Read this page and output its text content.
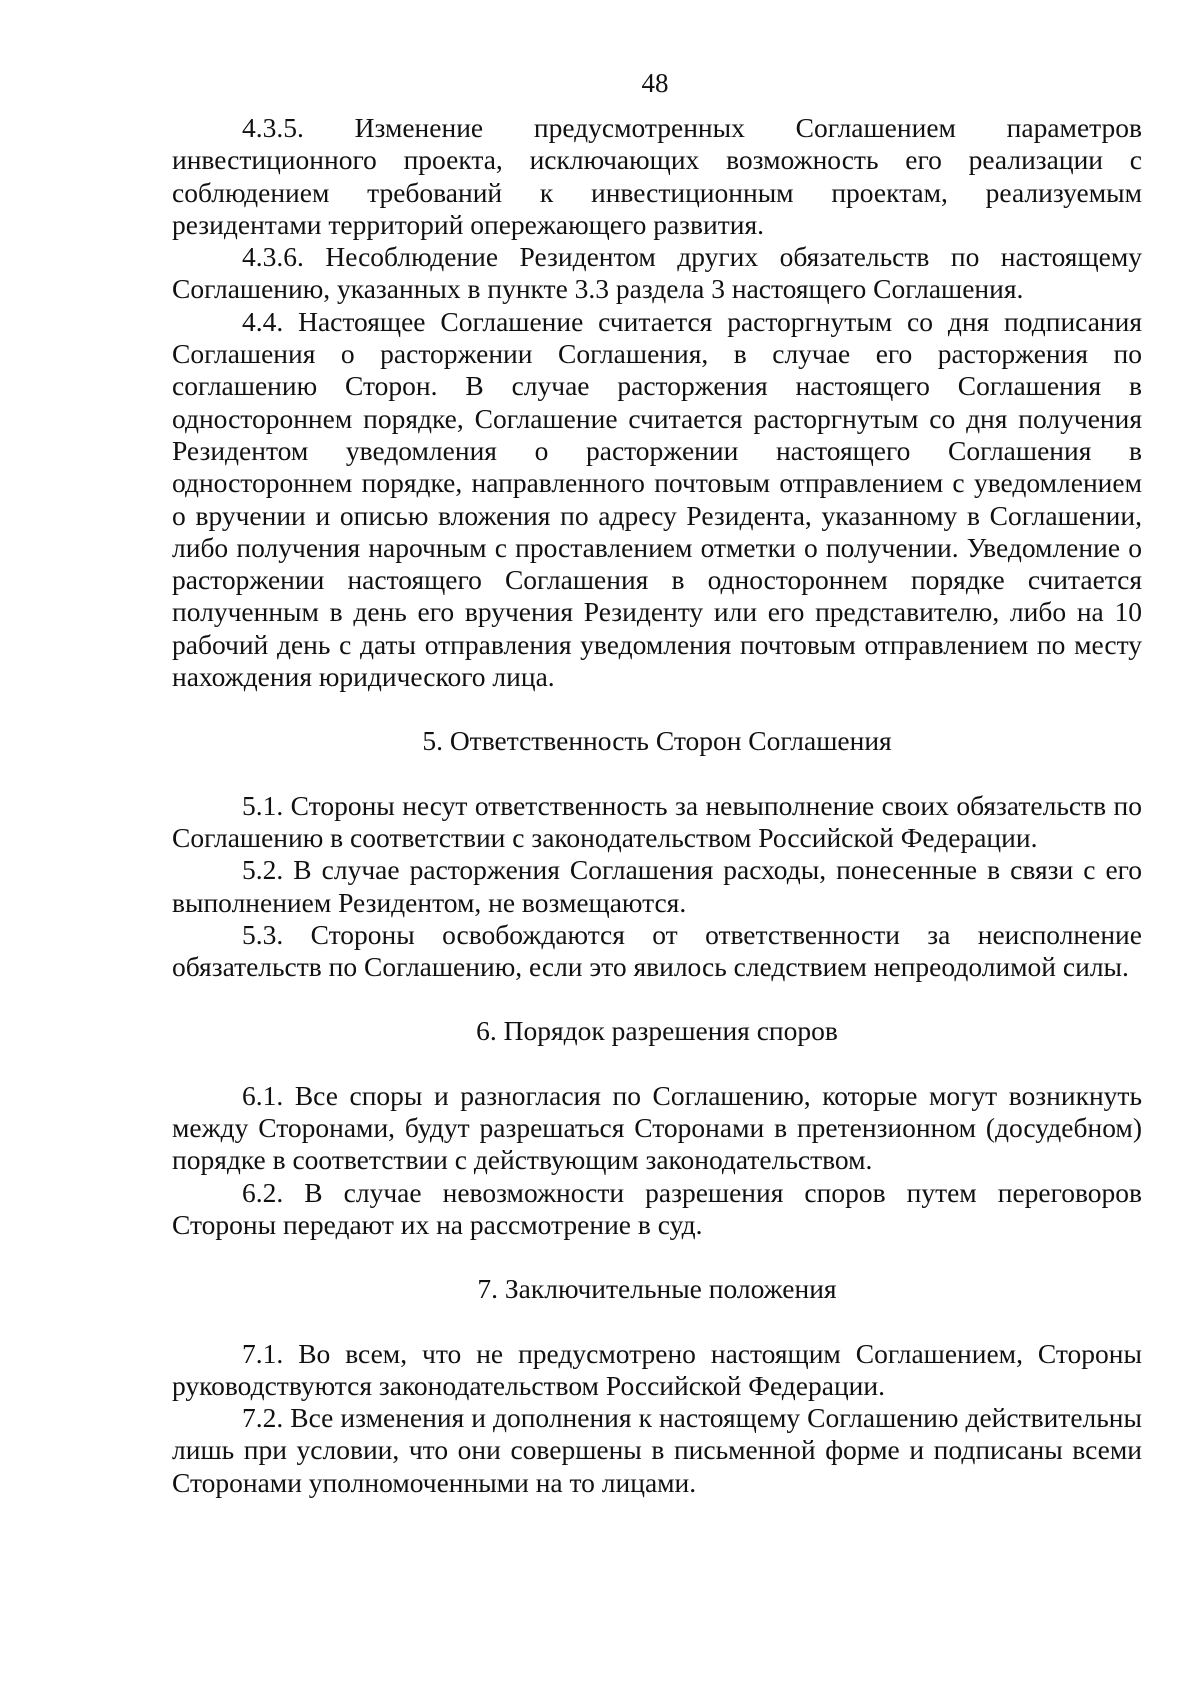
48

4.3.5. Изменение предусмотренных Соглашением параметров инвестиционного проекта, исключающих возможность его реализации с соблюдением требований к инвестиционным проектам, реализуемым резидентами территорий опережающего развития.

4.3.6. Несоблюдение Резидентом других обязательств по настоящему Соглашению, указанных в пункте 3.3 раздела 3 настоящего Соглашения.

4.4. Настоящее Соглашение считается расторгнутым со дня подписания Соглашения о расторжении Соглашения, в случае его расторжения по соглашению Сторон. В случае расторжения настоящего Соглашения в одностороннем порядке, Соглашение считается расторгнутым со дня получения Резидентом уведомления о расторжении настоящего Соглашения в одностороннем порядке, направленного почтовым отправлением с уведомлением о вручении и описью вложения по адресу Резидента, указанному в Соглашении, либо получения нарочным с проставлением отметки о получении. Уведомление о расторжении настоящего Соглашения в одностороннем порядке считается полученным в день его вручения Резиденту или его представителю, либо на 10 рабочий день с даты отправления уведомления почтовым отправлением по месту нахождения юридического лица.

5. Ответственность Сторон Соглашения

5.1. Стороны несут ответственность за невыполнение своих обязательств по Соглашению в соответствии с законодательством Российской Федерации.

5.2. В случае расторжения Соглашения расходы, понесенные в связи с его выполнением Резидентом, не возмещаются.

5.3. Стороны освобождаются от ответственности за неисполнение обязательств по Соглашению, если это явилось следствием непреодолимой силы.

6. Порядок разрешения споров

6.1. Все споры и разногласия по Соглашению, которые могут возникнуть между Сторонами, будут разрешаться Сторонами в претензионном (досудебном) порядке в соответствии с действующим законодательством.

6.2. В случае невозможности разрешения споров путем переговоров Стороны передают их на рассмотрение в суд.

7. Заключительные положения

7.1. Во всем, что не предусмотрено настоящим Соглашением, Стороны руководствуются законодательством Российской Федерации.

7.2. Все изменения и дополнения к настоящему Соглашению действительны лишь при условии, что они совершены в письменной форме и подписаны всеми Сторонами уполномоченными на то лицами.
